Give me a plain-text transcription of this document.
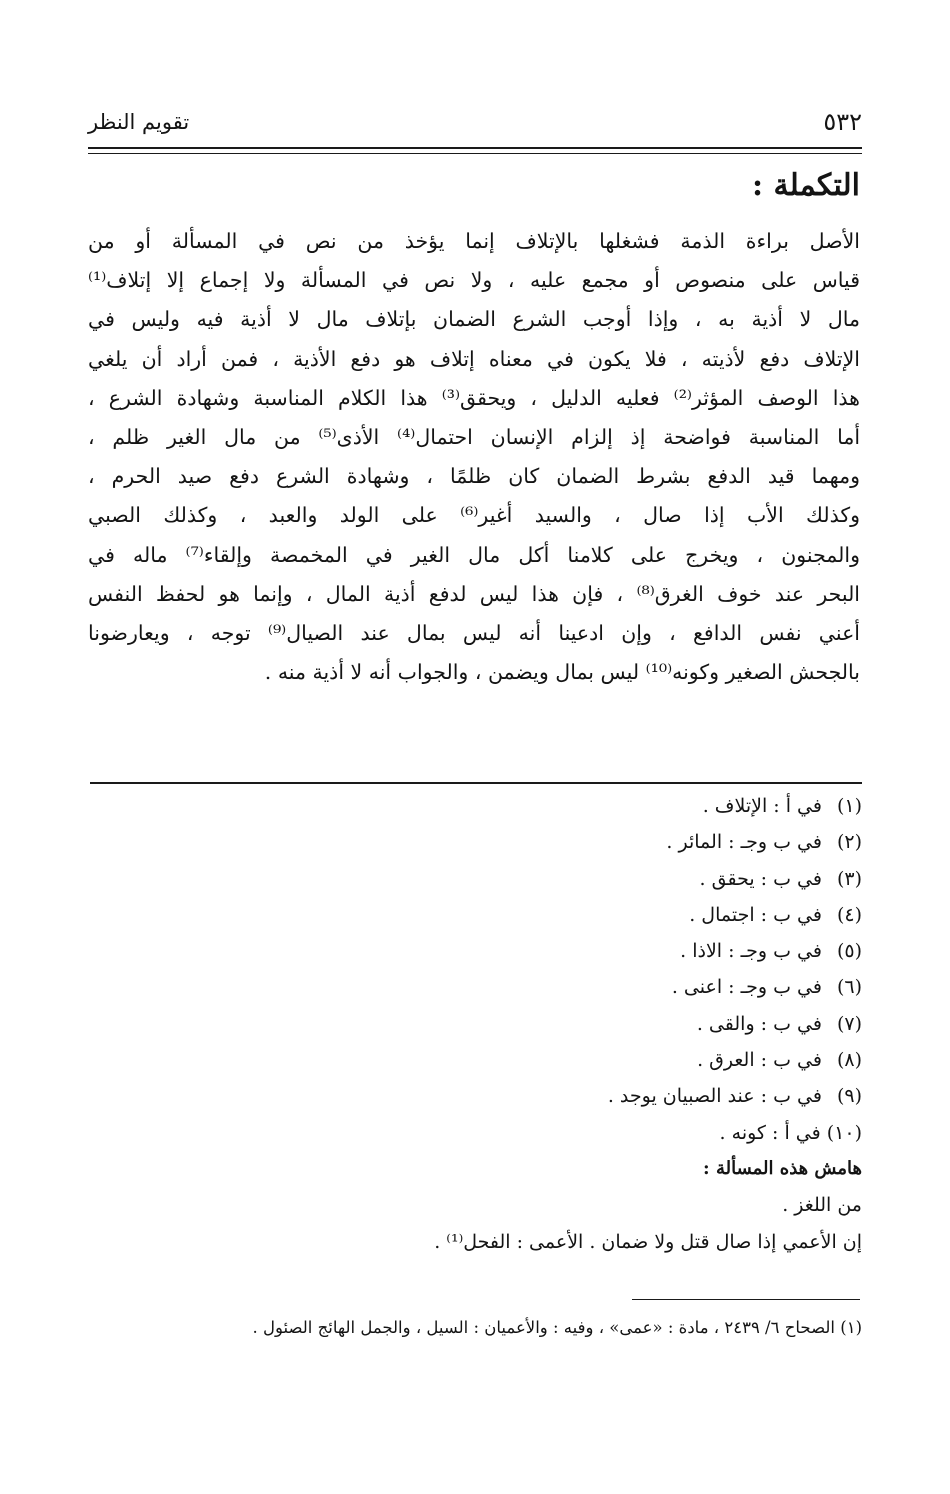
٥٣٢
تقويم النظر
التكملة :
الأصل براءة الذمة فشغلها بالإتلاف إنما يؤخذ من نص في المسألة أو من
قياس على منصوص أو مجمع عليه ، ولا نص في المسألة ولا إجماع إلا إتلاف⁽¹⁾
مال لا أذية به ، وإذا أوجب الشرع الضمان بإتلاف مال لا أذية فيه وليس في
الإتلاف دفع لأذيته ، فلا يكون في معناه إتلاف هو دفع الأذية ، فمن أراد أن يلغي
هذا الوصف المؤثر⁽²⁾ فعليه الدليل ، ويحقق⁽³⁾ هذا الكلام المناسبة وشهادة الشرع ،
أما المناسبة فواضحة إذ إلزام الإنسان احتمال⁽⁴⁾ الأذى⁽⁵⁾ من مال الغير ظلم ،
ومهما قيد الدفع بشرط الضمان كان ظلمًا ، وشهادة الشرع دفع صيد الحرم ،
وكذلك الأب إذا صال ، والسيد أغير⁽⁶⁾ على الولد والعبد ، وكذلك الصبي
والمجنون ، ويخرج على كلامنا أكل مال الغير في المخمصة وإلقاء⁽⁷⁾ ماله في
البحر عند خوف الغرق⁽⁸⁾ ، فإن هذا ليس لدفع أذية المال ، وإنما هو لحفظ النفس
أعني نفس الدافع ، وإن ادعينا أنه ليس بمال عند الصيال⁽⁹⁾ توجه ، ويعارضونا
بالجحش الصغير وكونه⁽¹⁰⁾ ليس بمال ويضمن ، والجواب أنه لا أذية منه .
(١) في أ : الإتلاف .
(٢) في ب وجـ : المائر .
(٣) في ب : يحقق .
(٤) في ب : اجتمال .
(٥) في ب وجـ : الاذا .
(٦) في ب وجـ : اعنى .
(٧) في ب : والقى .
(٨) في ب : العرق .
(٩) في ب : عند الصبيان يوجد .
(١٠) في أ : كونه .
هامش هذه المسألة :
من اللغز .
إن الأعمي إذا صال قتل ولا ضمان . الأعمى : الفحل⁽¹⁾ .
(١) الصحاح ٦/ ٢٤٣٩ ، مادة : «عمى» ، وفيه : والأعميان : السيل ، والجمل الهائج الصئول .
